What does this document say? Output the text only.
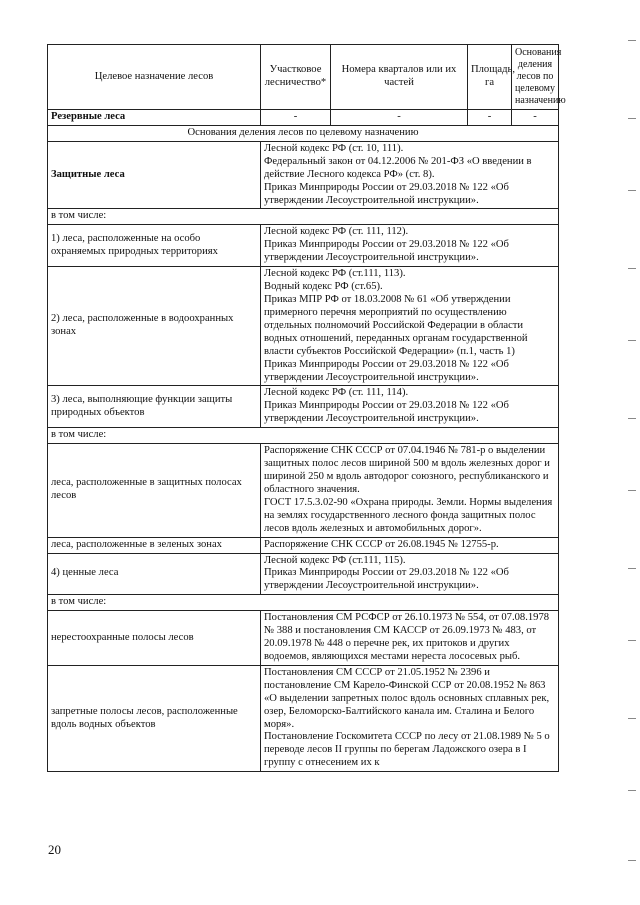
Целевое назначение лесов	Участковое лесничество*	Номера кварталов или их частей	Площадь, га	Основания деления лесов по целевому назначению
Резервные леса	-	-	-	-
Основания деления лесов по целевому назначению				
Защитные леса	Лесной кодекс РФ (ст. 10, 111).
Федеральный закон от 04.12.2006 № 201-ФЗ «О введении в действие Лесного кодекса РФ» (ст. 8).
Приказ Минприроды России от 29.03.2018 № 122 «Об утверждении Лесоустроительной инструкции».			

в том числе:				
1) леса, расположенные на особо охраняемых природных территориях	Лесной кодекс РФ (ст. 111, 112).
Приказ Минприроды России от 29.03.2018 № 122 «Об утверждении Лесоустроительной инструкции».			

2) леса, расположенные в водоохранных зонах	Лесной кодекс РФ (ст.111, 113).
Водный кодекс РФ (ст.65).
Приказ МПР РФ от 18.03.2008 № 61 «Об утверждении примерного перечня мероприятий по осуществлению отдельных полномочий Российской Федерации в области водных отношений, переданных органам государственной власти субъектов Российской Федерации» (п.1, часть 1)
Приказ Минприроды России от 29.03.2018 № 122 «Об утверждении Лесоустроительной инструкции».			

3) леса, выполняющие функции защиты природных объектов	Лесной кодекс РФ (ст. 111, 114).
Приказ Минприроды России от 29.03.2018 № 122 «Об утверждении Лесоустроительной инструкции».			

в том числе:				
леса, расположенные в защитных полосах лесов	Распоряжение СНК СССР от 07.04.1946 № 781-р о выделении защитных полос лесов шириной 500 м вдоль железных дорог и шириной 250 м вдоль автодорог союзного, республиканского и областного значения.
ГОСТ 17.5.3.02-90 «Охрана природы. Земли. Нормы выделения на землях государственного лесного фонда защитных полос лесов вдоль железных и автомобильных дорог».			

леса, расположенные в зеленых зонах	Распоряжение СНК СССР от 26.08.1945 № 12755-р.			

4) ценные леса	Лесной кодекс РФ (ст.111, 115).
Приказ Минприроды России от 29.03.2018 № 122 «Об утверждении Лесоустроительной инструкции».			

в том числе:				
нерестоохранные полосы лесов	Постановления СМ РСФСР от 26.10.1973 № 554, от 07.08.1978 № 388 и постановления СМ КАССР от 26.09.1973 № 483, от 20.09.1978 № 448 о перечне рек, их притоков и других водоемов, являющихся местами нереста лососевых рыб.			

запретные полосы лесов, расположенные вдоль водных объектов	Постановления СМ СССР от 21.05.1952 № 2396 и постановление СМ Карело-Финской ССР от 20.08.1952 № 863 «О выделении запретных полос вдоль основных сплавных рек, озер, Беломорско-Балтийского канала им. Сталина и Белого моря».
Постановление Госкомитета СССР по лесу от 21.08.1989 № 5 о переводе лесов II группы по берегам Ладожского озера в I группу с отнесением их к			
20
